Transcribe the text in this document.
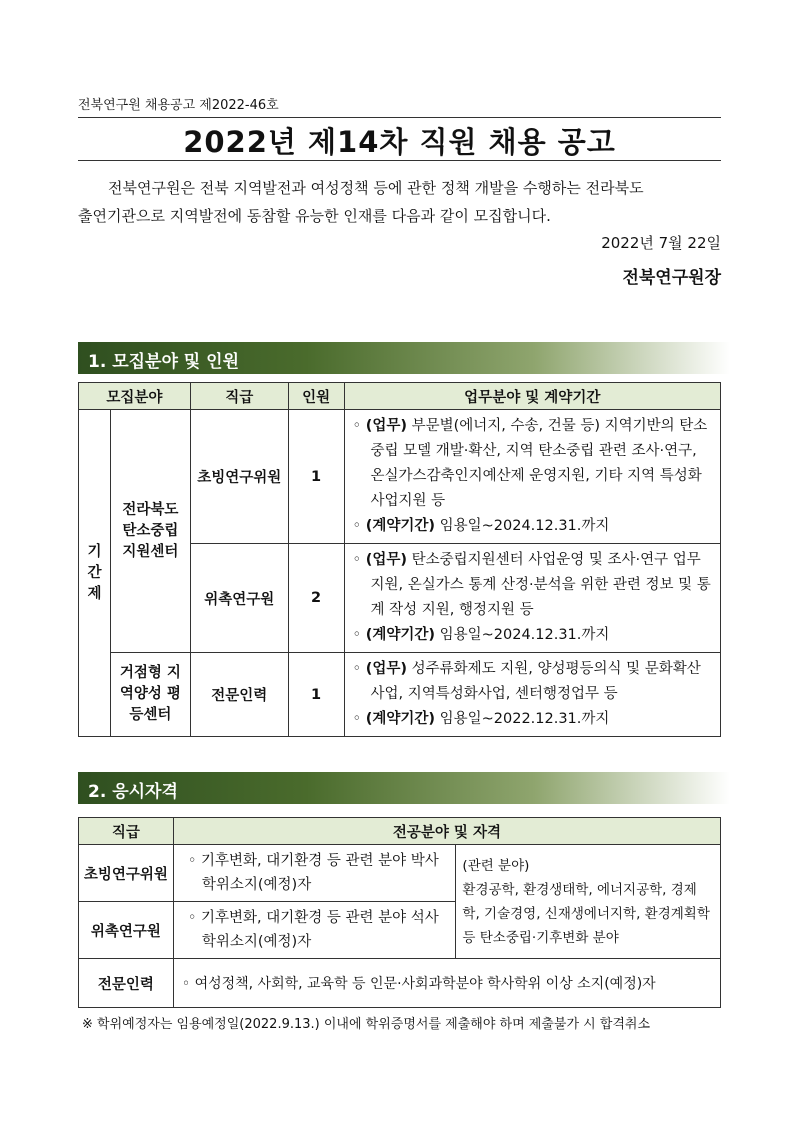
전북연구원 채용공고 제2022-46호
2022년 제14차 직원 채용 공고
전북연구원은 전북 지역발전과 여성정책 등에 관한 정책 개발을 수행하는 전라북도
출연기관으로 지역발전에 동참할 유능한 인재를 다음과 같이 모집합니다.
2022년 7월 22일
전북연구원장
1. 모집분야 및 인원
모집분야		직급	인원	업무분야 및 계약기간

기간제	전라북도 탄소중립 지원센터	초빙연구위원	1	◦ (업무) 부문별(에너지, 수송, 건물 등) 지역기반의 탄소중립 모델 개발·확산, 지역 탄소중립 관련 조사·연구, 온실가스감축인지예산제 운영지원, 기타 지역 특성화 사업지원 등
◦ (계약기간) 임용일~2024.12.31.까지

		위촉연구원	2	◦ (업무) 탄소중립지원센터 사업운영 및 조사·연구 업무지원, 온실가스 통계 산정·분석을 위한 관련 정보 및 통계 작성 지원, 행정지원 등
◦ (계약기간) 임용일~2024.12.31.까지

	거점형 지역양성 평등센터	전문인력	1	◦ (업무) 성주류화제도 지원, 양성평등의식 및 문화확산사업, 지역특성화사업, 센터행정업무 등
◦ (계약기간) 임용일~2022.12.31.까지
2. 응시자격
직급	전공분야 및 자격	
초빙연구위원	◦ 기후변화, 대기환경 등 관련 분야 박사학위소지(예정)자	(관련 분야)
환경공학, 환경생태학, 에너지공학, 경제학, 기술경영, 신재생에너지학, 환경계획학 등 탄소중립·기후변화 분야
위촉연구원	◦ 기후변화, 대기환경 등 관련 분야 석사학위소지(예정)자	

전문인력	◦ 여성정책, 사회학, 교육학 등 인문·사회과학분야 학사학위 이상 소지(예정)자	
※ 학위예정자는 임용예정일(2022.9.13.) 이내에 학위증명서를 제출해야 하며 제출불가 시 합격취소
